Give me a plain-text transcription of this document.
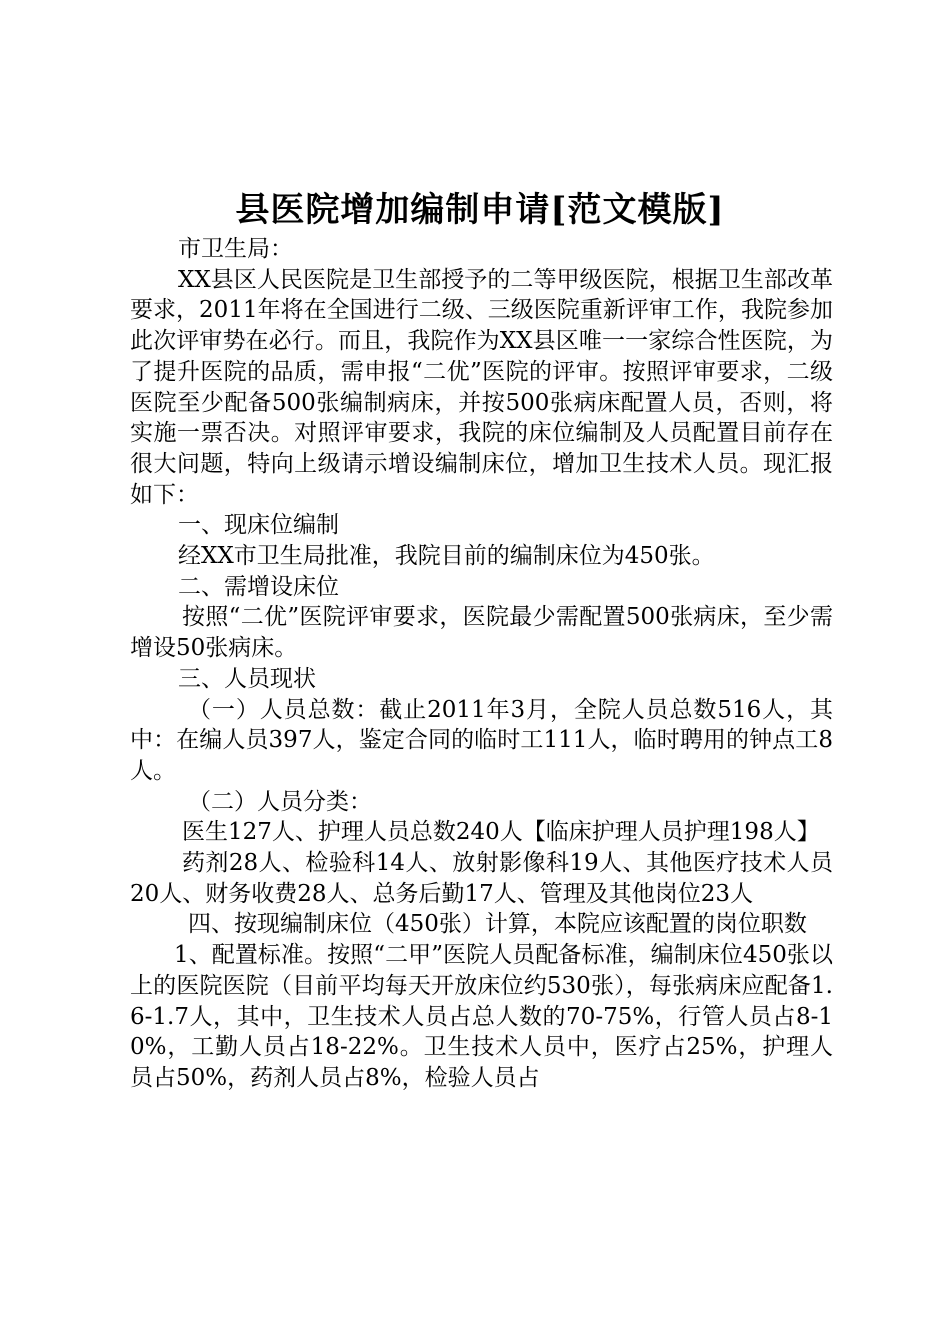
县医院增加编制申请[范文模版]

市卫生局：

XX县区人民医院是卫生部授予的二等甲级医院，根据卫生部改革要求，2011年将在全国进行二级、三级医院重新评审工作，我院参加此次评审势在必行。而且，我院作为XX县区唯一一家综合性医院，为了提升医院的品质，需申报“二优”医院的评审。按照评审要求，二级医院至少配备500张编制病床，并按500张病床配置人员，否则，将实施一票否决。对照评审要求，我院的床位编制及人员配置目前存在很大问题，特向上级请示增设编制床位，增加卫生技术人员。现汇报如下：

一、现床位编制

经XX市卫生局批准，我院目前的编制床位为450张。

二、需增设床位

按照“二优”医院评审要求，医院最少需配置500张病床，至少需增设50张病床。

三、人员现状

（一）人员总数：截止2011年3月，全院人员总数516人，其中：在编人员397人，鉴定合同的临时工111人，临时聘用的钟点工8人。

（二）人员分类：

医生127人、护理人员总数240人【临床护理人员护理198人】

药剂28人、检验科14人、放射影像科19人、其他医疗技术人员20人、财务收费28人、总务后勤17人、管理及其他岗位23人

四、按现编制床位（450张）计算，本院应该配置的岗位职数

1、配置标准。按照“二甲”医院人员配备标准，编制床位450张以上的医院医院（目前平均每天开放床位约530张），每张病床应配备1.6-1.7人，其中，卫生技术人员占总人数的70-75%，行管人员占8-10%，工勤人员占18-22%。卫生技术人员中，医疗占25%，护理人员占50%，药剂人员占8%，检验人员占
